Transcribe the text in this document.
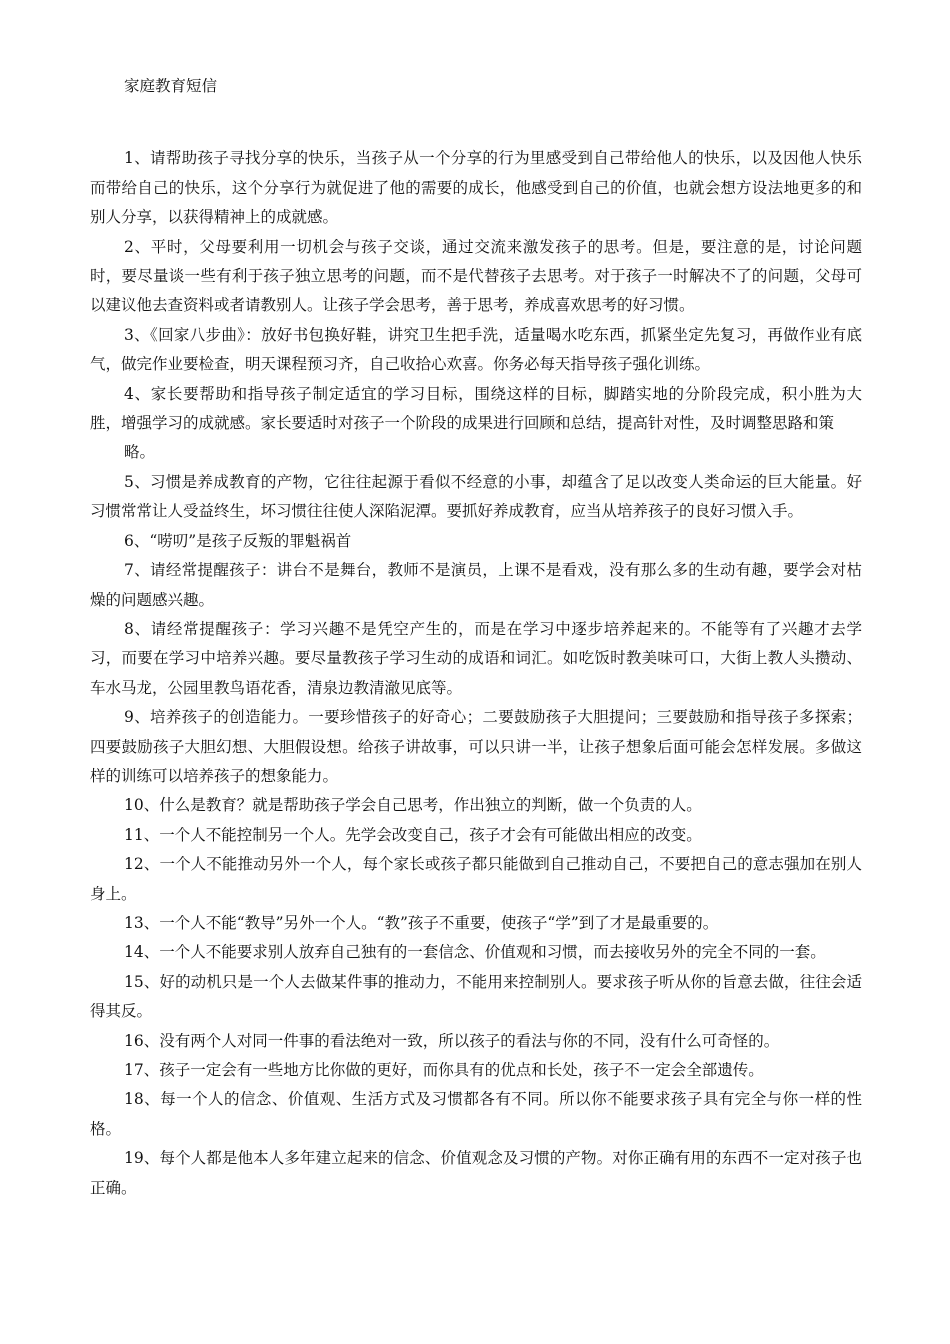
家庭教育短信

1、请帮助孩子寻找分享的快乐，当孩子从一个分享的行为里感受到自己带给他人的快乐，以及因他人快乐而带给自己的快乐，这个分享行为就促进了他的需要的成长，他感受到自己的价值，也就会想方设法地更多的和别人分享，以获得精神上的成就感。

2、平时，父母要利用一切机会与孩子交谈，通过交流来激发孩子的思考。但是，要注意的是，讨论问题时，要尽量谈一些有利于孩子独立思考的问题，而不是代替孩子去思考。对于孩子一时解决不了的问题，父母可以建议他去查资料或者请教别人。让孩子学会思考，善于思考，养成喜欢思考的好习惯。

3、《回家八步曲》：放好书包换好鞋，讲究卫生把手洗，适量喝水吃东西，抓紧坐定先复习，再做作业有底气，做完作业要检查，明天课程预习齐，自己收拾心欢喜。你务必每天指导孩子强化训练。

4、家长要帮助和指导孩子制定适宜的学习目标，围绕这样的目标，脚踏实地的分阶段完成，积小胜为大胜，增强学习的成就感。家长要适时对孩子一个阶段的成果进行回顾和总结，提高针对性，及时调整思路和策

略。

5、习惯是养成教育的产物，它往往起源于看似不经意的小事，却蕴含了足以改变人类命运的巨大能量。好习惯常常让人受益终生，坏习惯往往使人深陷泥潭。要抓好养成教育，应当从培养孩子的良好习惯入手。

6、“唠叨”是孩子反叛的罪魁祸首

7、请经常提醒孩子：讲台不是舞台，教师不是演员，上课不是看戏，没有那么多的生动有趣，要学会对枯燥的问题感兴趣。

8、请经常提醒孩子：学习兴趣不是凭空产生的，而是在学习中逐步培养起来的。不能等有了兴趣才去学习，而要在学习中培养兴趣。要尽量教孩子学习生动的成语和词汇。如吃饭时教美味可口，大街上教人头攒动、车水马龙，公园里教鸟语花香，清泉边教清澈见底等。

9、培养孩子的创造能力。一要珍惜孩子的好奇心；二要鼓励孩子大胆提问；三要鼓励和指导孩子多探索；四要鼓励孩子大胆幻想、大胆假设想。给孩子讲故事，可以只讲一半，让孩子想象后面可能会怎样发展。多做这样的训练可以培养孩子的想象能力。

10、什么是教育？就是帮助孩子学会自己思考，作出独立的判断，做一个负责的人。

11、一个人不能控制另一个人。先学会改变自己，孩子才会有可能做出相应的改变。

12、一个人不能推动另外一个人，每个家长或孩子都只能做到自己推动自己，不要把自己的意志强加在别人身上。

13、一个人不能“教导”另外一个人。“教”孩子不重要，使孩子“学”到了才是最重要的。

14、一个人不能要求别人放弃自己独有的一套信念、价值观和习惯，而去接收另外的完全不同的一套。

15、好的动机只是一个人去做某件事的推动力，不能用来控制别人。要求孩子听从你的旨意去做，往往会适得其反。

16、没有两个人对同一件事的看法绝对一致，所以孩子的看法与你的不同，没有什么可奇怪的。

17、孩子一定会有一些地方比你做的更好，而你具有的优点和长处，孩子不一定会全部遗传。

18、每一个人的信念、价值观、生活方式及习惯都各有不同。所以你不能要求孩子具有完全与你一样的性格。

19、每个人都是他本人多年建立起来的信念、价值观念及习惯的产物。对你正确有用的东西不一定对孩子也正确。
